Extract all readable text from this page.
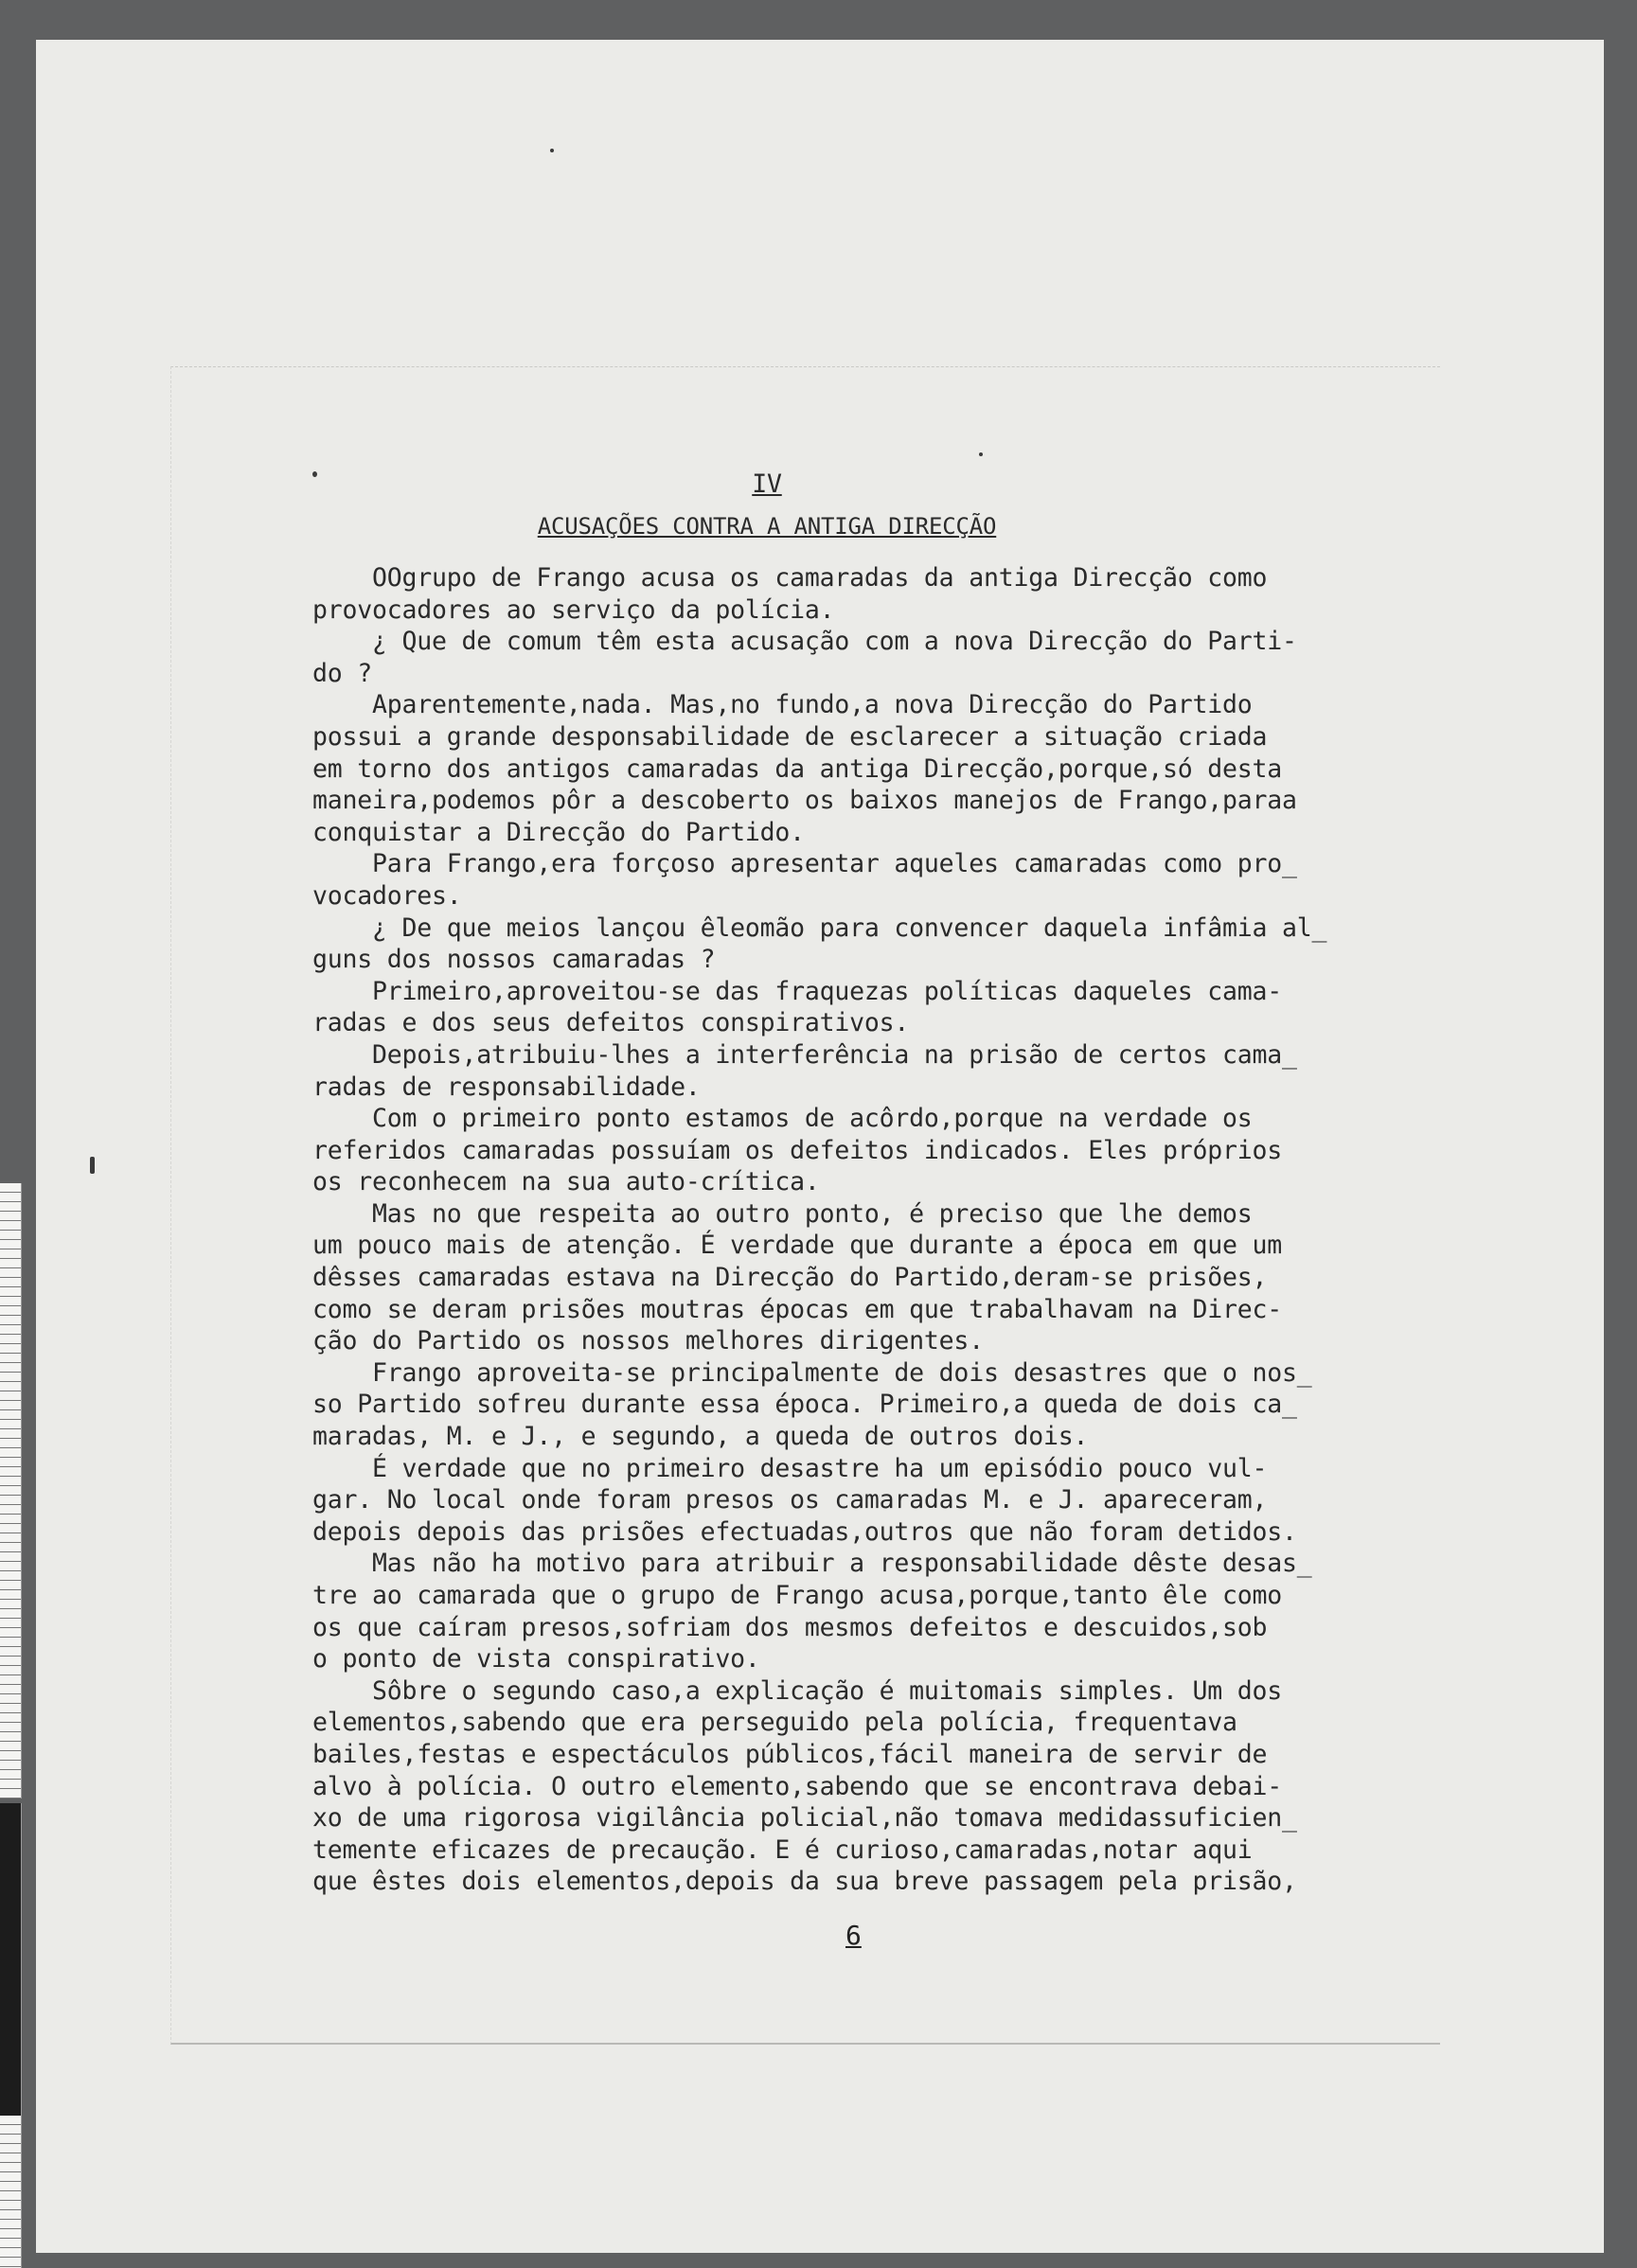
IV
ACUSAÇÕES CONTRA A ANTIGA DIRECÇÃO
OOgrupo de Frango acusa os camaradas da antiga Direcção como
provocadores ao serviço da polícia.
¿ Que de comum têm esta acusação com a nova Direcção do Parti-
do ?
Aparentemente,nada. Mas,no fundo,a nova Direcção do Partido
possui a grande desponsabilidade de esclarecer a situação criada
em torno dos antigos camaradas da antiga Direcção,porque,só desta
maneira,podemos pôr a descoberto os baixos manejos de Frango,paraa
conquistar a Direcção do Partido.
Para Frango,era forçoso apresentar aqueles camaradas como pro_
vocadores.
¿ De que meios lançou êleomão para convencer daquela infâmia al_
guns dos nossos camaradas ?
Primeiro,aproveitou-se das fraquezas políticas daqueles cama-
radas e dos seus defeitos conspirativos.
Depois,atribuiu-lhes a interferência na prisão de certos cama_
radas de responsabilidade.
Com o primeiro ponto estamos de acôrdo,porque na verdade os
referidos camaradas possuíam os defeitos indicados. Eles próprios
os reconhecem na sua auto-crítica.
Mas no que respeita ao outro ponto, é preciso que lhe demos
um pouco mais de atenção. É verdade que durante a época em que um
dêsses camaradas estava na Direcção do Partido,deram-se prisões,
como se deram prisões moutras épocas em que trabalhavam na Direc-
ção do Partido os nossos melhores dirigentes.
Frango aproveita-se principalmente de dois desastres que o nos_
so Partido sofreu durante essa época. Primeiro,a queda de dois ca_
maradas, M. e J., e segundo, a queda de outros dois.
É verdade que no primeiro desastre ha um episódio pouco vul-
gar. No local onde foram presos os camaradas M. e J. apareceram,
depois depois das prisões efectuadas,outros que não foram detidos.
Mas não ha motivo para atribuir a responsabilidade dêste desas_
tre ao camarada que o grupo de Frango acusa,porque,tanto êle como
os que caíram presos,sofriam dos mesmos defeitos e descuidos,sob
o ponto de vista conspirativo.
Sôbre o segundo caso,a explicação é muitomais simples. Um dos
elementos,sabendo que era perseguido pela polícia, frequentava
bailes,festas e espectáculos públicos,fácil maneira de servir de
alvo à polícia. O outro elemento,sabendo que se encontrava debai-
xo de uma rigorosa vigilância policial,não tomava medidassuficien_
temente eficazes de precaução. E é curioso,camaradas,notar aqui
que êstes dois elementos,depois da sua breve passagem pela prisão,
6
